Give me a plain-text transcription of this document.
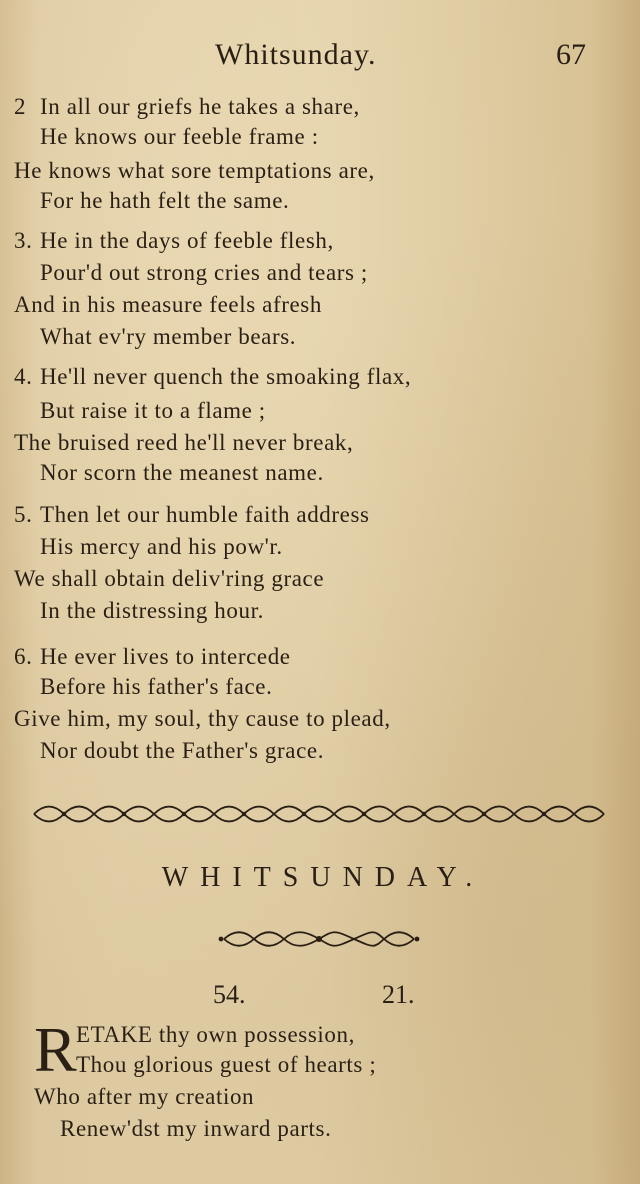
Whitsunday.	67
2 In all our griefs he takes a share,
He knows our feeble frame :
He knows what sore temptations are,
For he hath felt the same.
3. He in the days of feeble flesh,
Pour'd out strong cries and tears ;
And in his measure feels afresh
What ev'ry member bears.
4. He'll never quench the smoaking flax,
But raise it to a flame ;
The bruised reed he'll never break,
Nor scorn the meanest name.
5. Then let our humble faith address
His mercy and his pow'r.
We shall obtain deliv'ring grace
In the distressing hour.
6. He ever lives to intercede
Before his father's face.
Give him, my soul, thy cause to plead,
Nor doubt the Father's grace.
WHITSUNDAY.
54.	21.
R ETAKE thy own possession,
Thou glorious guest of hearts ;
Who after my creation
Renew'dst my inward parts.
